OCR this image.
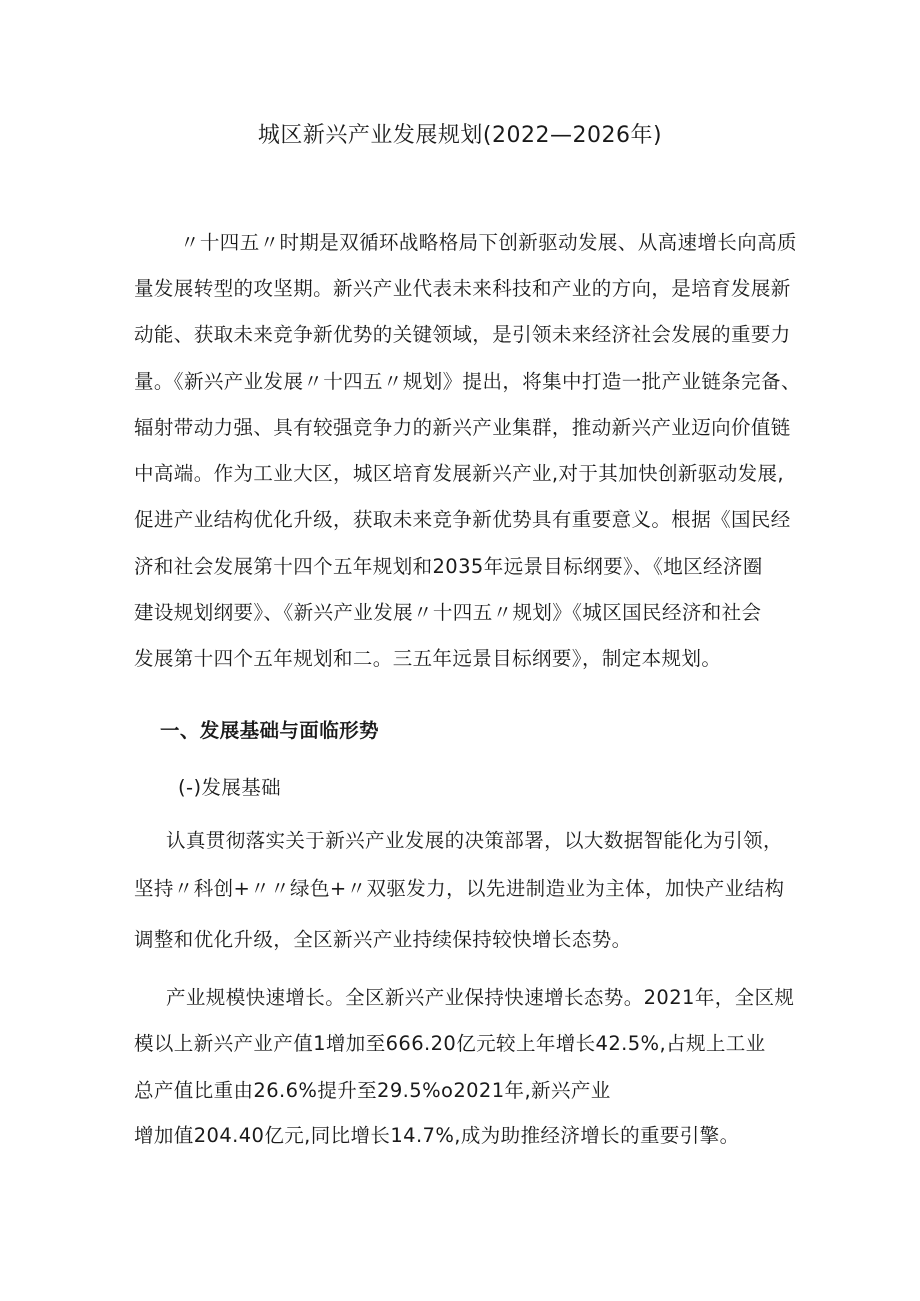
城区新兴产业发展规划(2022—2026年)
〃十四五〃时期是双循环战略格局下创新驱动发展、从高速增长向高质
量发展转型的攻坚期。新兴产业代表未来科技和产业的方向，是培育发展新
动能、获取未来竞争新优势的关键领域，是引领未来经济社会发展的重要力
量。《新兴产业发展〃十四五〃规划》提出，将集中打造一批产业链条完备、
辐射带动力强、具有较强竞争力的新兴产业集群，推动新兴产业迈向价值链
中高端。作为工业大区，城区培育发展新兴产业,对于其加快创新驱动发展,
促进产业结构优化升级，获取未来竞争新优势具有重要意义。根据《国民经
济和社会发展第十四个五年规划和2035年远景目标纲要》、《地区经济圈
建设规划纲要》、《新兴产业发展〃十四五〃规划》《城区国民经济和社会
发展第十四个五年规划和二。三五年远景目标纲要》，制定本规划。
一、发展基础与面临形势
(-)发展基础
认真贯彻落实关于新兴产业发展的决策部署，以大数据智能化为引领，
坚持〃科创+〃〃绿色+〃双驱发力，以先进制造业为主体，加快产业结构
调整和优化升级，全区新兴产业持续保持较快增长态势。
产业规模快速增长。全区新兴产业保持快速增长态势。2021年，全区规
模以上新兴产业产值1增加至666.20亿元较上年增长42.5%,占规上工业
总产值比重由26.6%提升至29.5%o2021年,新兴产业
增加值204.40亿元,同比增长14.7%,成为助推经济增长的重要引擎。
